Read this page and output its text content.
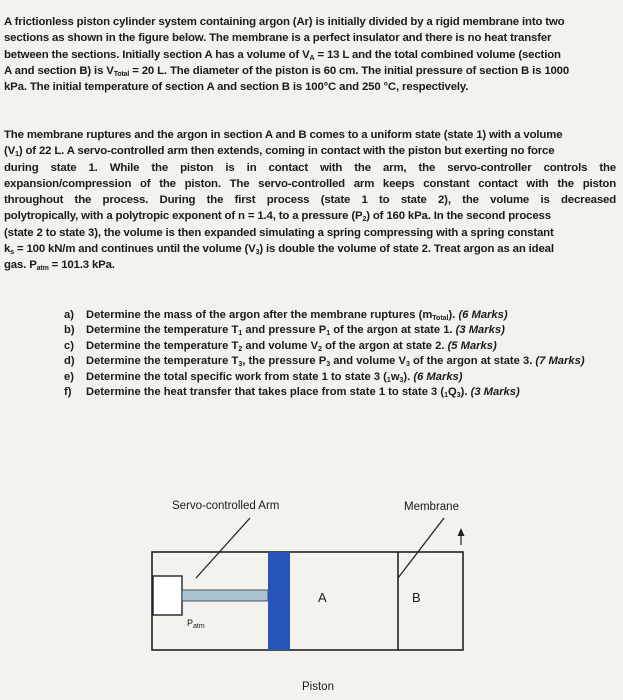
A frictionless piston cylinder system containing argon (Ar) is initially divided by a rigid membrane into two
sections as shown in the figure below. The membrane is a perfect insulator and there is no heat transfer
between the sections. Initially section A has a volume of $V_A = 13$ L and the total combined volume (section
A and section B) is $V_{Total} = 20$ L. The diameter of the piston is 60 cm. The initial pressure of section B is 1000
kPa. The initial temperature of section A and section B is 100°C and 250 °C, respectively.
The membrane ruptures and the argon in section A and B comes to a uniform state (state 1) with a volume
$(V_1)$ of 22 L. A servo-controlled arm then extends, coming in contact with the piston but exerting no force
during state 1. While the piston is in contact with the arm, the servo-controller controls the
expansion/compression of the piston. The servo-controlled arm keeps constant contact with the piston
throughout the process. During the first process (state 1 to state 2), the volume is decreased
polytropically, with a polytropic exponent of n = 1.4, to a pressure $(P_2)$ of 160 kPa. In the second process
(state 2 to state 3), the volume is then expanded simulating a spring compressing with a spring constant
$k_s = 100$ kN/m and continues until the volume $(V_3)$ is double the volume of state 2. Treat argon as an ideal
gas. $P_{atm} = 101.3$ kPa.
a) Determine the mass of the argon after the membrane ruptures $(m_{Total})$. (6 Marks)
b) Determine the temperature $T_1$ and pressure $P_1$ of the argon at state 1. (3 Marks)
c) Determine the temperature $T_2$ and volume $V_2$ of the argon at state 2. (5 Marks)
d) Determine the temperature $T_3$, the pressure $P_3$ and volume $V_3$ of the argon at state 3. (7 Marks)
e) Determine the total specific work from state 1 to state 3 $(_1w_3)$. (6 Marks)
f) Determine the heat transfer that takes place from state 1 to state 3 $(_1Q_3)$. (3 Marks)
Servo-controlled Arm	Membrane
A	B
$P_{atm}$
Piston
